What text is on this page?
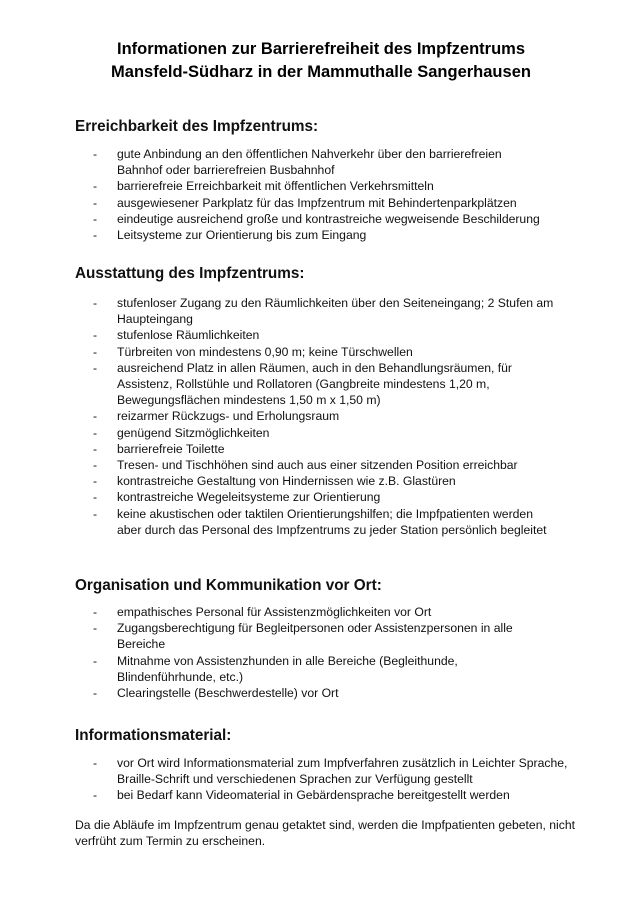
Informationen zur Barrierefreiheit des Impfzentrums
Mansfeld-Südharz in der Mammuthalle Sangerhausen
Erreichbarkeit des Impfzentrums:
- gute Anbindung an den öffentlichen Nahverkehr über den barrierefreien Bahnhof oder barrierefreien Busbahnhof
- barrierefreie Erreichbarkeit mit öffentlichen Verkehrsmitteln
- ausgewiesener Parkplatz für das Impfzentrum mit Behindertenparkplätzen
- eindeutige ausreichend große und kontrastreiche wegweisende Beschilderung
- Leitsysteme zur Orientierung bis zum Eingang
Ausstattung des Impfzentrums:
- stufenloser Zugang zu den Räumlichkeiten über den Seiteneingang; 2 Stufen am Haupteingang
- stufenlose Räumlichkeiten
- Türbreiten von mindestens 0,90 m; keine Türschwellen
- ausreichend Platz in allen Räumen, auch in den Behandlungsräumen, für Assistenz, Rollstühle und Rollatoren (Gangbreite mindestens 1,20 m, Bewegungsflächen mindestens 1,50 m x 1,50 m)
- reizarmer Rückzugs- und Erholungsraum
- genügend Sitzmöglichkeiten
- barrierefreie Toilette
- Tresen- und Tischhöhen sind auch aus einer sitzenden Position erreichbar
- kontrastreiche Gestaltung von Hindernissen wie z.B. Glastüren
- kontrastreiche Wegeleitsysteme zur Orientierung
- keine akustischen oder taktilen Orientierungshilfen; die Impfpatienten werden aber durch das Personal des Impfzentrums zu jeder Station persönlich begleitet
Organisation und Kommunikation vor Ort:
- empathisches Personal für Assistenzmöglichkeiten vor Ort
- Zugangsberechtigung für Begleitpersonen oder Assistenzpersonen in alle Bereiche
- Mitnahme von Assistenzhunden in alle Bereiche (Begleithunde, Blindenführhunde, etc.)
- Clearingstelle (Beschwerdestelle) vor Ort
Informationsmaterial:
- vor Ort wird Informationsmaterial zum Impfverfahren zusätzlich in Leichter Sprache, Braille-Schrift und verschiedenen Sprachen zur Verfügung gestellt
- bei Bedarf kann Videomaterial in Gebärdensprache bereitgestellt werden

Da die Abläufe im Impfzentrum genau getaktet sind, werden die Impfpatienten gebeten, nicht verfrüht zum Termin zu erscheinen.
